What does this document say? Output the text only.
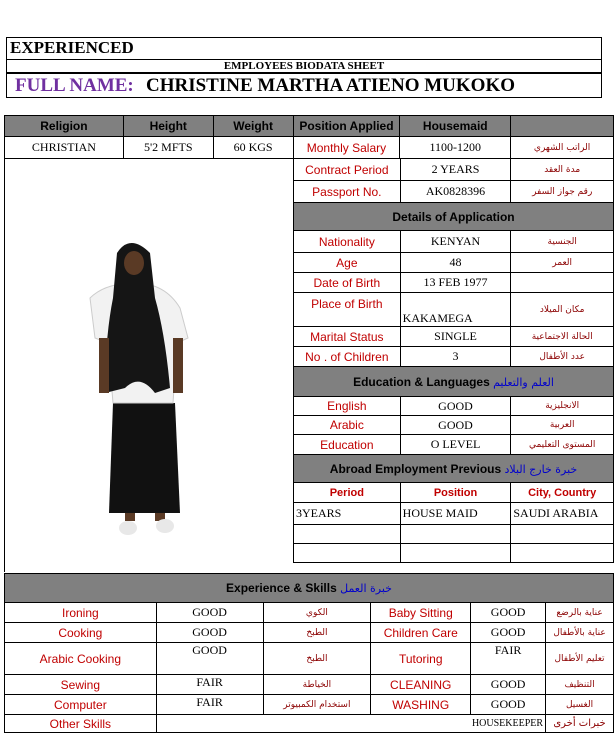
EXPERIENCED
EMPLOYEES BIODATA SHEET
FULL NAME: CHRISTINE MARTHA ATIENO MUKOKO
Religion	Height	Weight	Position Applied	Housemaid	
CHRISTIAN	5'2 MFTS	60 KGS	Monthly Salary	1100-1200	الراتب الشهري
Contract Period	2 YEARS	مدة العقد
Passport No.	AK0828396	رقم جواز السفر
Details of Application		
Nationality	KENYAN	الجنسية
Age	48	العمر
Date of Birth	13 FEB 1977	
Place of Birth	KAKAMEGA	مكان الميلاد
Marital Status	SINGLE	الحالة الاجتماعية
No . of Children	3	عدد الأطفال
Education & Languages العلم والتعليم		
English	GOOD	الانجليزية
Arabic	GOOD	العربية
Education	O LEVEL	المستوى التعليمي
Abroad Employment Previous خبرة خارج البلاد		
Period	Position	City, Country
3YEARS	HOUSE MAID	SAUDI ARABIA

Experience & Skills خبرة العمل					
Ironing	GOOD	الكوي	Baby Sitting	GOOD	عناية بالرضع
Cooking	GOOD	الطبخ	Children Care	GOOD	عناية بالأطفال
Arabic Cooking	GOOD	الطبخ	Tutoring	FAIR	تعليم الأطفال
Sewing	FAIR	الخياطة	CLEANING	GOOD	التنظيف
Computer	FAIR	استخدام الكمبيوتر	WASHING	GOOD	الغسيل
Other Skills	HOUSEKEEPER				خبرات أخرى
